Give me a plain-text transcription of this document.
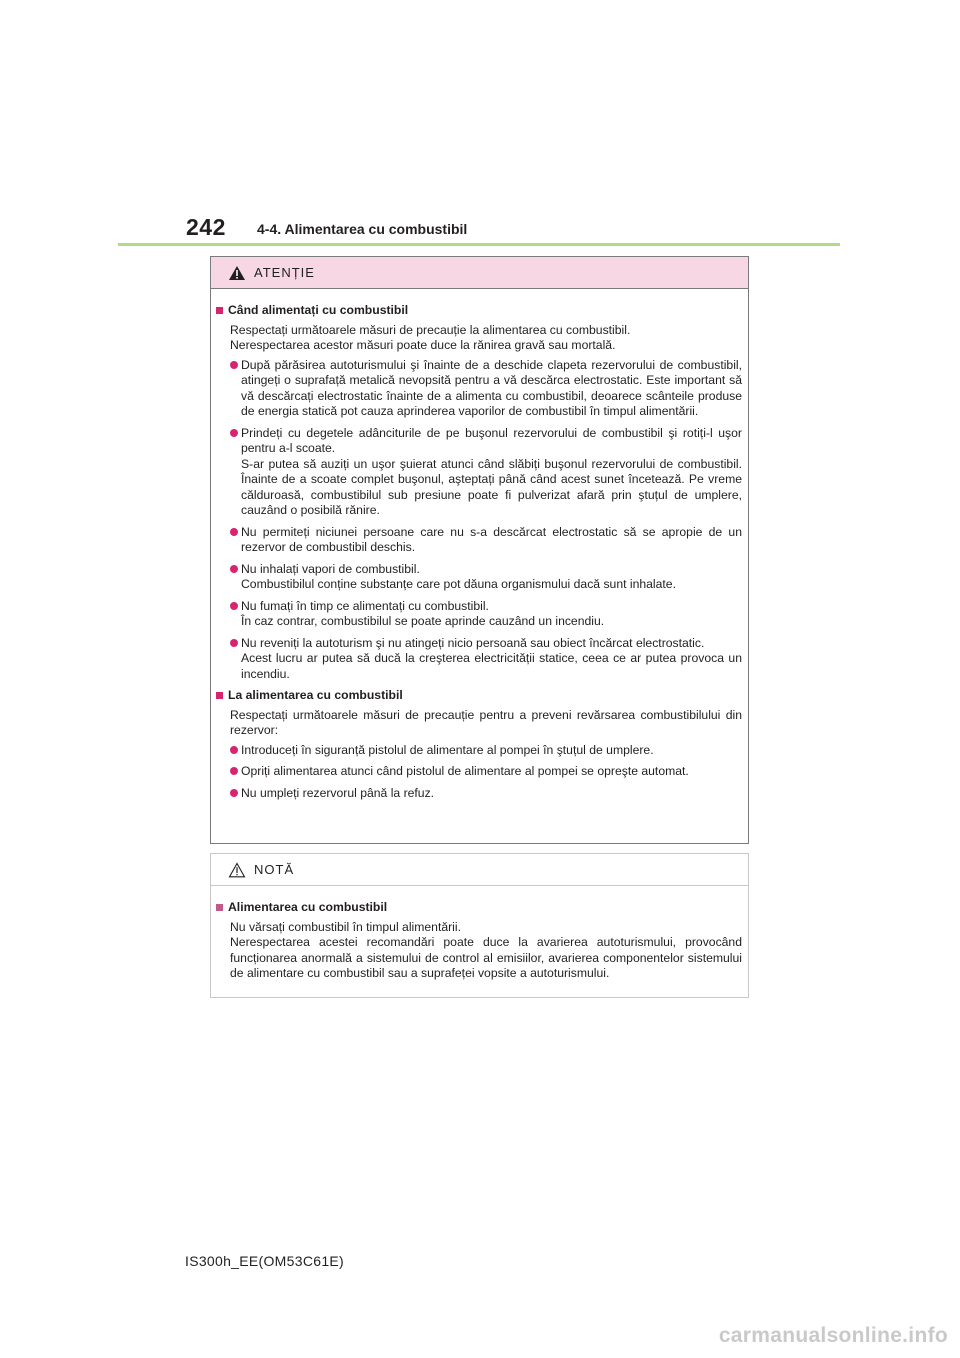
242 4-4. Alimentarea cu combustibil
ATENȚIE
Când alimentați cu combustibil
Respectați următoarele măsuri de precauție la alimentarea cu combustibil.
Nerespectarea acestor măsuri poate duce la rănirea gravă sau mortală.
După părăsirea autoturismului şi înainte de a deschide clapeta rezervorului de combustibil, atingeți o suprafață metalică nevopsită pentru a vă descărca electrostatic. Este important să vă descărcați electrostatic înainte de a alimenta cu combustibil, deoarece scânteile produse de energia statică pot cauza aprinderea vaporilor de combustibil în timpul alimentării.
Prindeți cu degetele adânciturile de pe buşonul rezervorului de combustibil şi rotiți-l uşor pentru a-l scoate.
S-ar putea să auziți un uşor şuierat atunci când slăbiți buşonul rezervorului de combustibil. Înainte de a scoate complet buşonul, aşteptați până când acest sunet încetează. Pe vreme călduroasă, combustibilul sub presiune poate fi pulverizat afară prin ştuțul de umplere, cauzând o posibilă rănire.
Nu permiteți niciunei persoane care nu s-a descărcat electrostatic să se apropie de un rezervor de combustibil deschis.
Nu inhalați vapori de combustibil.
Combustibilul conține substanțe care pot dăuna organismului dacă sunt inhalate.
Nu fumați în timp ce alimentați cu combustibil.
În caz contrar, combustibilul se poate aprinde cauzând un incendiu.
Nu reveniți la autoturism şi nu atingeți nicio persoană sau obiect încărcat electrostatic.
Acest lucru ar putea să ducă la creşterea electricității statice, ceea ce ar putea provoca un incendiu.
La alimentarea cu combustibil
Respectați următoarele măsuri de precauție pentru a preveni revărsarea combustibilului din rezervor:
Introduceți în siguranță pistolul de alimentare al pompei în ştuțul de umplere.
Opriți alimentarea atunci când pistolul de alimentare al pompei se opreşte automat.
Nu umpleți rezervorul până la refuz.
NOTĂ
Alimentarea cu combustibil
Nu vărsați combustibil în timpul alimentării.
Nerespectarea acestei recomandări poate duce la avarierea autoturismului, provocând funcționarea anormală a sistemului de control al emisiilor, avarierea componentelor sistemului de alimentare cu combustibil sau a suprafeței vopsite a autoturismului.
IS300h_EE(OM53C61E)
carmanualsonline.info
